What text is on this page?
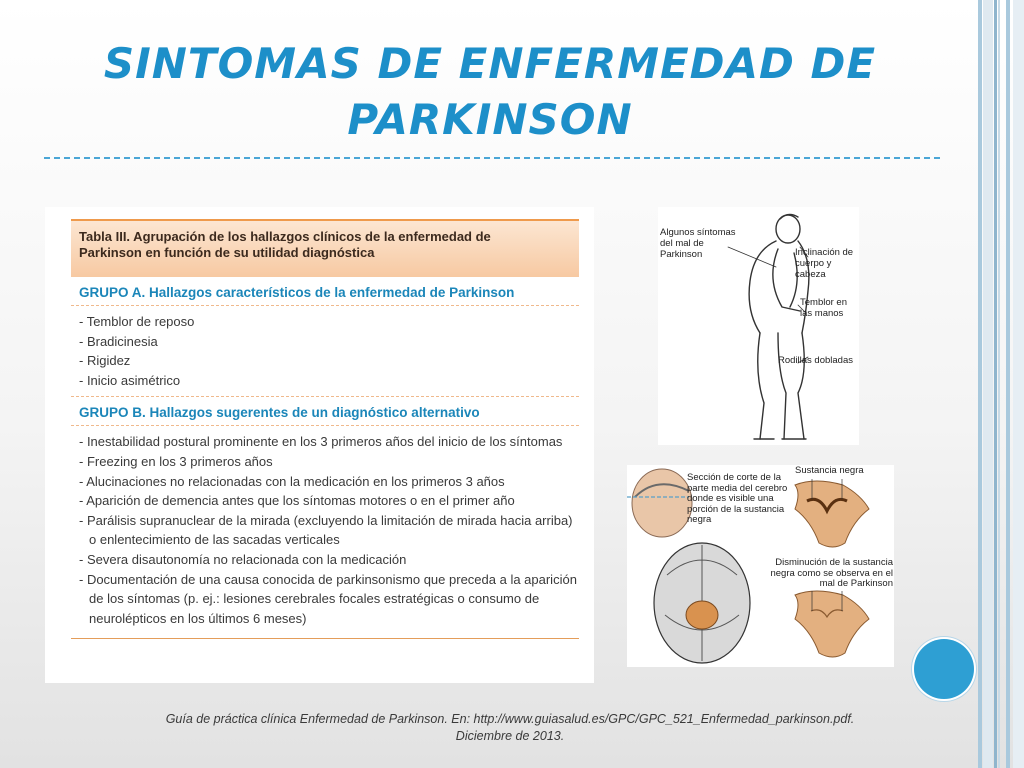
SINTOMAS DE ENFERMEDAD DE
PARKINSON
Tabla III. Agrupación de los hallazgos clínicos de la enfermedad de
Parkinson en función de su utilidad diagnóstica
GRUPO A. Hallazgos característicos de la enfermedad de Parkinson
- Temblor de reposo
- Bradicinesia
- Rigidez
- Inicio asimétrico
GRUPO B. Hallazgos sugerentes de un diagnóstico alternativo
- Inestabilidad postural prominente en los 3 primeros años del inicio de los síntomas
- Freezing en los 3 primeros años
- Alucinaciones no relacionadas con la medicación en los primeros 3 años
- Aparición de demencia antes que los síntomas motores o en el primer año
- Parálisis supranuclear de la mirada (excluyendo la limitación de mirada hacia arriba) o enlentecimiento de las sacadas verticales
- Severa disautonomía no relacionada con la medicación
- Documentación de una causa conocida de parkinsonismo que preceda a la aparición de los síntomas (p. ej.: lesiones cerebrales focales estratégicas o consumo de neurolépticos en los últimos 6 meses)
Algunos síntomas del mal de Parkinson	Inclinación de cuerpo y cabeza
Temblor en las manos
Rodillas dobladas
Sección de corte de la parte media del cerebro donde es visible una porción de la sustancia negra
Sustancia negra
Disminución de la sustancia negra como se observa en el mal de Parkinson
Guía de práctica clínica Enfermedad de Parkinson. En: http://www.guiasalud.es/GPC/GPC_521_Enfermedad_parkinson.pdf.
Diciembre de 2013.
